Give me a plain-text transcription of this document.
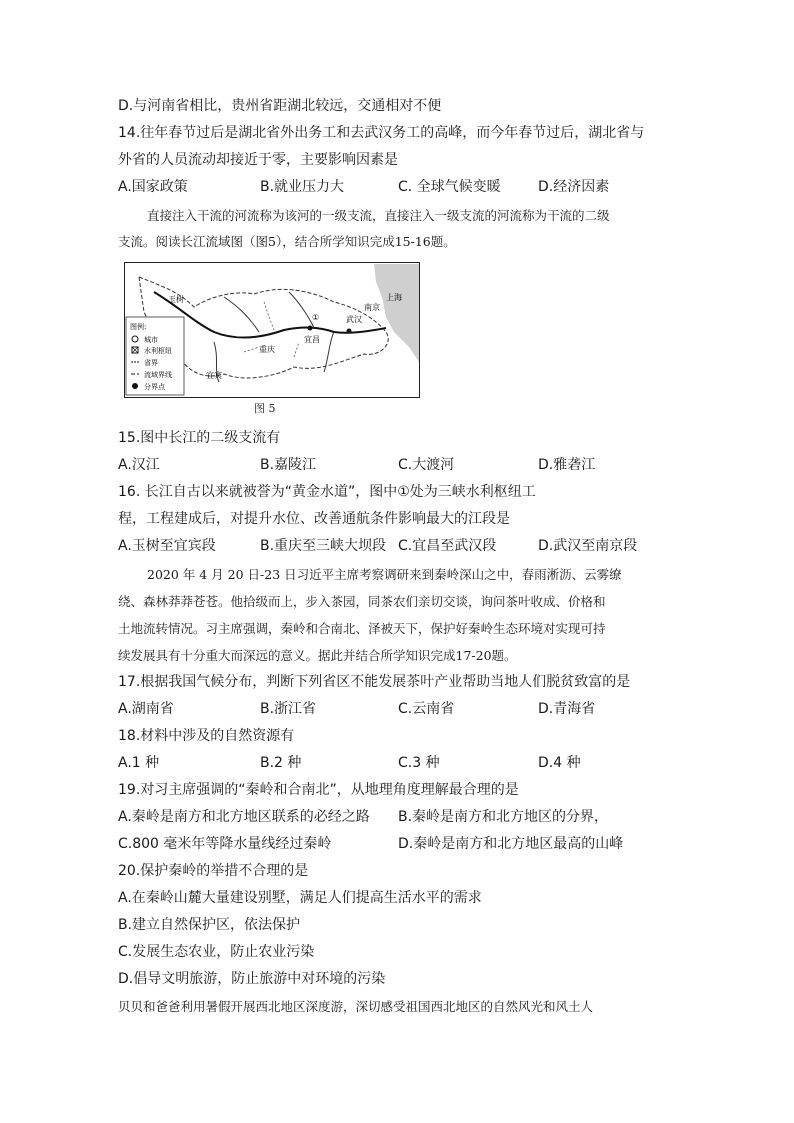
D.与河南省相比，贵州省距湖北较远，交通相对不便
14.往年春节过后是湖北省外出务工和去武汉务工的高峰，而今年春节过后，湖北省与
外省的人员流动却接近于零，主要影响因素是
A.国家政策	B.就业压力大	C. 全球气候变暖	D.经济因素
直接注入干流的河流称为该河的一级支流，直接注入一级支流的河流称为干流的二级
支流。阅读长江流域图（图5），结合所学知识完成15-16题。
图例:
城市
水利枢纽
省界
流域界线
分界点
玉树
宜宾
重庆
宜昌
武汉
南京
上海
①
图 5
15.图中长江的二级支流有
A.汉江	B.嘉陵江	C.大渡河	D.雅砻江
16. 长江自古以来就被誉为“黄金水道”，图中①处为三峡水利枢纽工
程，工程建成后，对提升水位、改善通航条件影响最大的江段是
A.玉树至宜宾段	B.重庆至三峡大坝段 C.宜昌至武汉段	D.武汉至南京段
2020 年 4 月 20 日-23 日习近平主席考察调研来到秦岭深山之中，春雨淅沥、云雾缭
绕、森林莽莽苍苍。他拾级而上，步入茶园，同茶农们亲切交谈，询问茶叶收成、价格和
土地流转情况。习主席强调，秦岭和合南北、泽被天下，保护好秦岭生态环境对实现可持
续发展具有十分重大而深远的意义。据此并结合所学知识完成17-20题。
17.根据我国气候分布，判断下列省区不能发展茶叶产业帮助当地人们脱贫致富的是
A.湖南省	B.浙江省	C.云南省	D.青海省
18.材料中涉及的自然资源有
A.1 种	B.2 种	C.3 种	D.4 种
19.对习主席强调的“秦岭和合南北”，从地理角度理解最合理的是
A.秦岭是南方和北方地区联系的必经之路 B.秦岭是南方和北方地区的分界，
C.800 毫米年等降水量线经过秦岭	D.秦岭是南方和北方地区最高的山峰
20.保护秦岭的举措不合理的是
A.在秦岭山麓大量建设别墅，满足人们提高生活水平的需求
B.建立自然保护区，依法保护
C.发展生态农业，防止农业污染
D.倡导文明旅游，防止旅游中对环境的污染
贝贝和爸爸利用暑假开展西北地区深度游，深切感受祖国西北地区的自然风光和风土人
